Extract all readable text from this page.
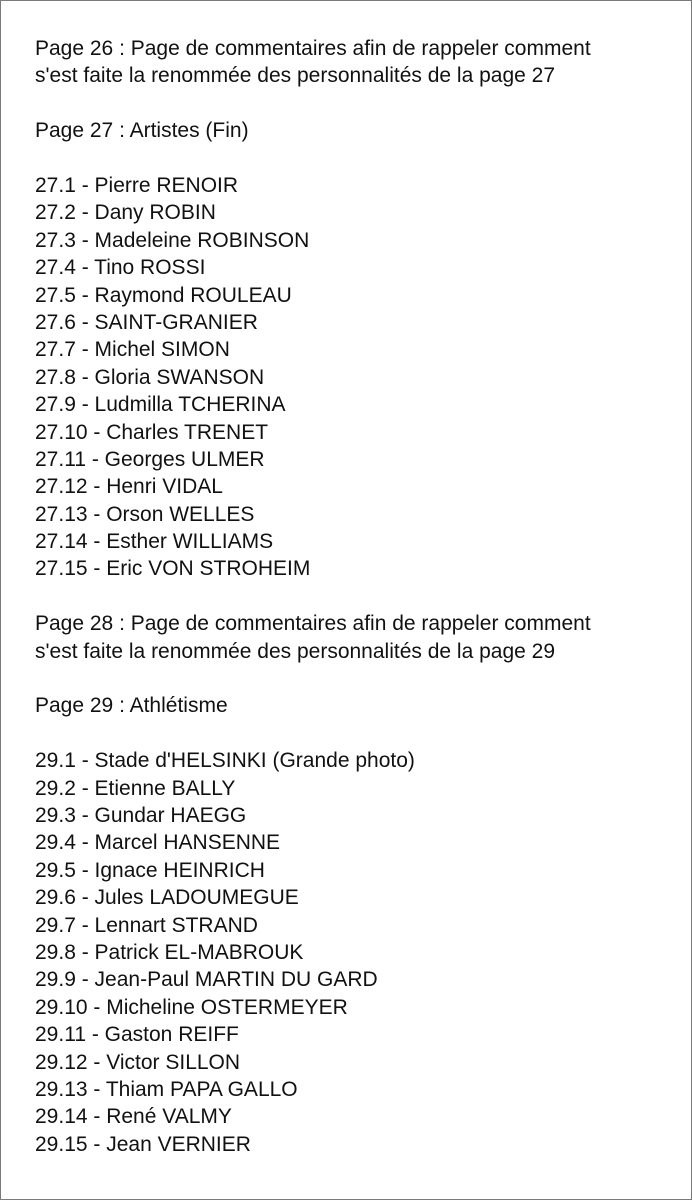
Page 26 : Page de commentaires afin de rappeler comment
s'est faite la renommée des personnalités de la page 27

Page 27 : Artistes (Fin)

27.1 - Pierre RENOIR
27.2 - Dany ROBIN
27.3 - Madeleine ROBINSON
27.4 - Tino ROSSI
27.5 - Raymond ROULEAU
27.6 - SAINT-GRANIER
27.7 - Michel SIMON
27.8 - Gloria SWANSON
27.9 - Ludmilla TCHERINA
27.10 - Charles TRENET
27.11 - Georges ULMER
27.12 - Henri VIDAL
27.13 - Orson WELLES
27.14 - Esther WILLIAMS
27.15 - Eric VON STROHEIM

Page 28 : Page de commentaires afin de rappeler comment
s'est faite la renommée des personnalités de la page 29

Page 29 : Athlétisme

29.1 - Stade d'HELSINKI (Grande photo)
29.2 - Etienne BALLY
29.3 - Gundar HAEGG
29.4 - Marcel HANSENNE
29.5 - Ignace HEINRICH
29.6 - Jules LADOUMEGUE
29.7 - Lennart STRAND
29.8 - Patrick EL-MABROUK
29.9 - Jean-Paul MARTIN DU GARD
29.10 - Micheline OSTERMEYER
29.11 - Gaston REIFF
29.12 - Victor SILLON
29.13 - Thiam PAPA GALLO
29.14 - René VALMY
29.15 - Jean VERNIER
